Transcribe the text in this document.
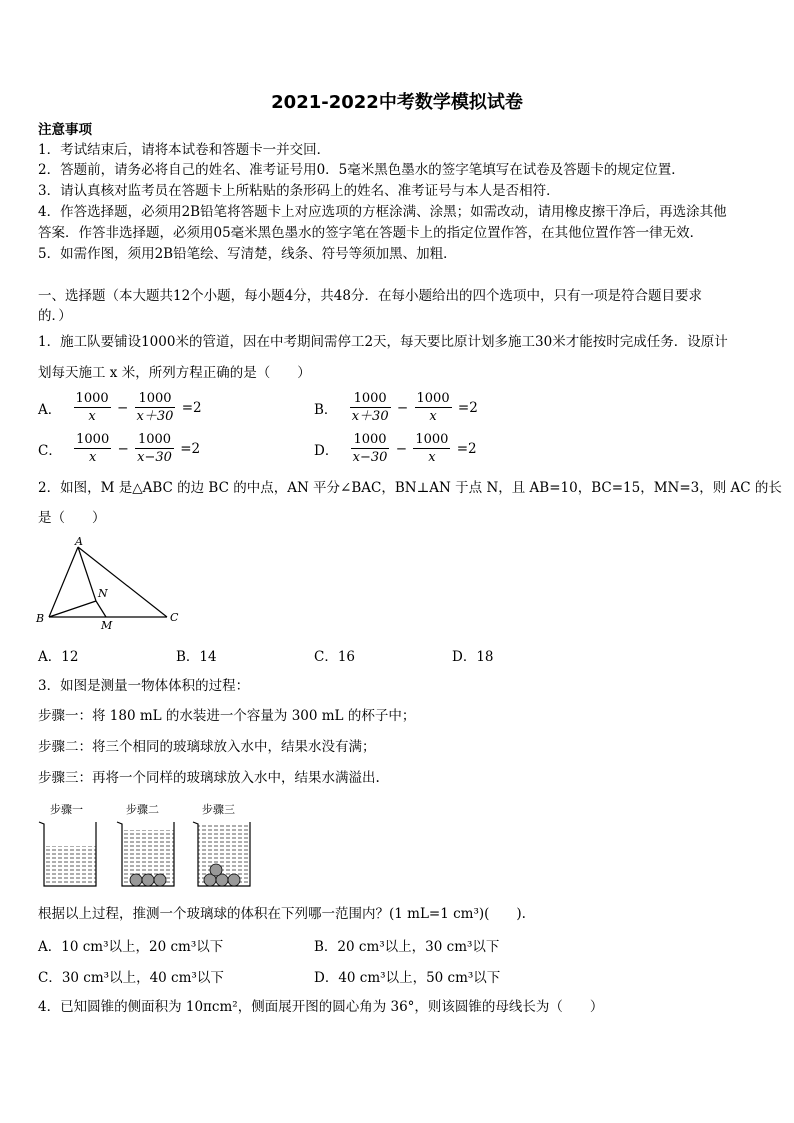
2021-2022中考数学模拟试卷
注意事项
1．考试结束后，请将本试卷和答题卡一并交回．
2．答题前，请务必将自己的姓名、准考证号用0．5毫米黑色墨水的签字笔填写在试卷及答题卡的规定位置．
3．请认真核对监考员在答题卡上所粘贴的条形码上的姓名、准考证号与本人是否相符．
4．作答选择题，必须用2B铅笔将答题卡上对应选项的方框涂满、涂黑；如需改动，请用橡皮擦干净后，再选涂其他
答案．作答非选择题，必须用05毫米黑色墨水的签字笔在答题卡上的指定位置作答，在其他位置作答一律无效．
5．如需作图，须用2B铅笔绘、写清楚，线条、符号等须加黑、加粗．
一、选择题（本大题共12个小题，每小题4分，共48分．在每小题给出的四个选项中，只有一项是符合题目要求
的．）
1．施工队要铺设1000米的管道，因在中考期间需停工2天，每天要比原计划多施工30米才能按时完成任务．设原计
划每天施工 x 米，所列方程正确的是（　　）
A． $\frac{1000}{x} - \frac{1000}{x+30} =2$	B． $\frac{1000}{x+30} - \frac{1000}{x} =2$
C． $\frac{1000}{x} - \frac{1000}{x-30} =2$	D． $\frac{1000}{x-30} - \frac{1000}{x} =2$
2．如图，M 是△ABC 的边 BC 的中点，AN 平分∠BAC，BN⊥AN 于点 N，且 AB=10，BC=15，MN=3，则 AC 的长
是（　　）
A
B	C
M
N
A．12	B．14	C．16	D．18
3．如图是测量一物体体积的过程：
步骤一：将 180 mL 的水装进一个容量为 300 mL 的杯子中；
步骤二：将三个相同的玻璃球放入水中，结果水没有满；
步骤三：再将一个同样的玻璃球放入水中，结果水满溢出.
步骤一	步骤二	步骤三
根据以上过程，推测一个玻璃球的体积在下列哪一范围内？(1 mL=1 cm³)(　　).
A．10 cm³以上，20 cm³以下	B．20 cm³以上，30 cm³以下
C．30 cm³以上，40 cm³以下	D．40 cm³以上，50 cm³以下
4．已知圆锥的侧面积为 10πcm²，侧面展开图的圆心角为 36°，则该圆锥的母线长为（　　）
